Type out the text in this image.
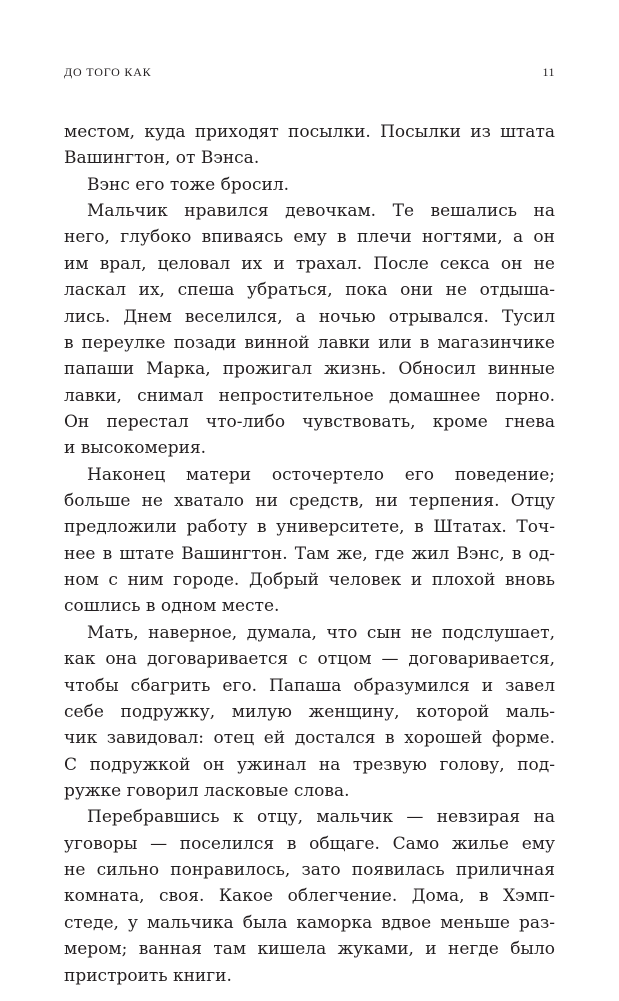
ДО ТОГО КАК	11
местом, куда приходят посылки. Посылки из штата
Вашингтон, от Вэнса.
Вэнс его тоже бросил.
Мальчик нравился девочкам. Те вешались на
него, глубоко впиваясь ему в плечи ногтями, а он
им врал, целовал их и трахал. После секса он не
ласкал их, спеша убраться, пока они не отдыша-
лись. Днем веселился, а ночью отрывался. Тусил
в переулке позади винной лавки или в магазинчике
папаши Марка, прожигал жизнь. Обносил винные
лавки, снимал непростительное домашнее порно.
Он перестал что-либо чувствовать, кроме гнева
и высокомерия.
Наконец матери осточертело его поведение;
больше не хватало ни средств, ни терпения. Отцу
предложили работу в университете, в Штатах. Точ-
нее в штате Вашингтон. Там же, где жил Вэнс, в од-
ном с ним городе. Добрый человек и плохой вновь
сошлись в одном месте.
Мать, наверное, думала, что сын не подслушает,
как она договаривается с отцом — договаривается,
чтобы сбагрить его. Папаша образумился и завел
себе подружку, милую женщину, которой маль-
чик завидовал: отец ей достался в хорошей форме.
С подружкой он ужинал на трезвую голову, под-
ружке говорил ласковые слова.
Перебравшись к отцу, мальчик — невзирая на
уговоры — поселился в общаге. Само жилье ему
не сильно понравилось, зато появилась приличная
комната, своя. Какое облегчение. Дома, в Хэмп-
стеде, у мальчика была каморка вдвое меньше раз-
мером; ванная там кишела жуками, и негде было
пристроить книги.
